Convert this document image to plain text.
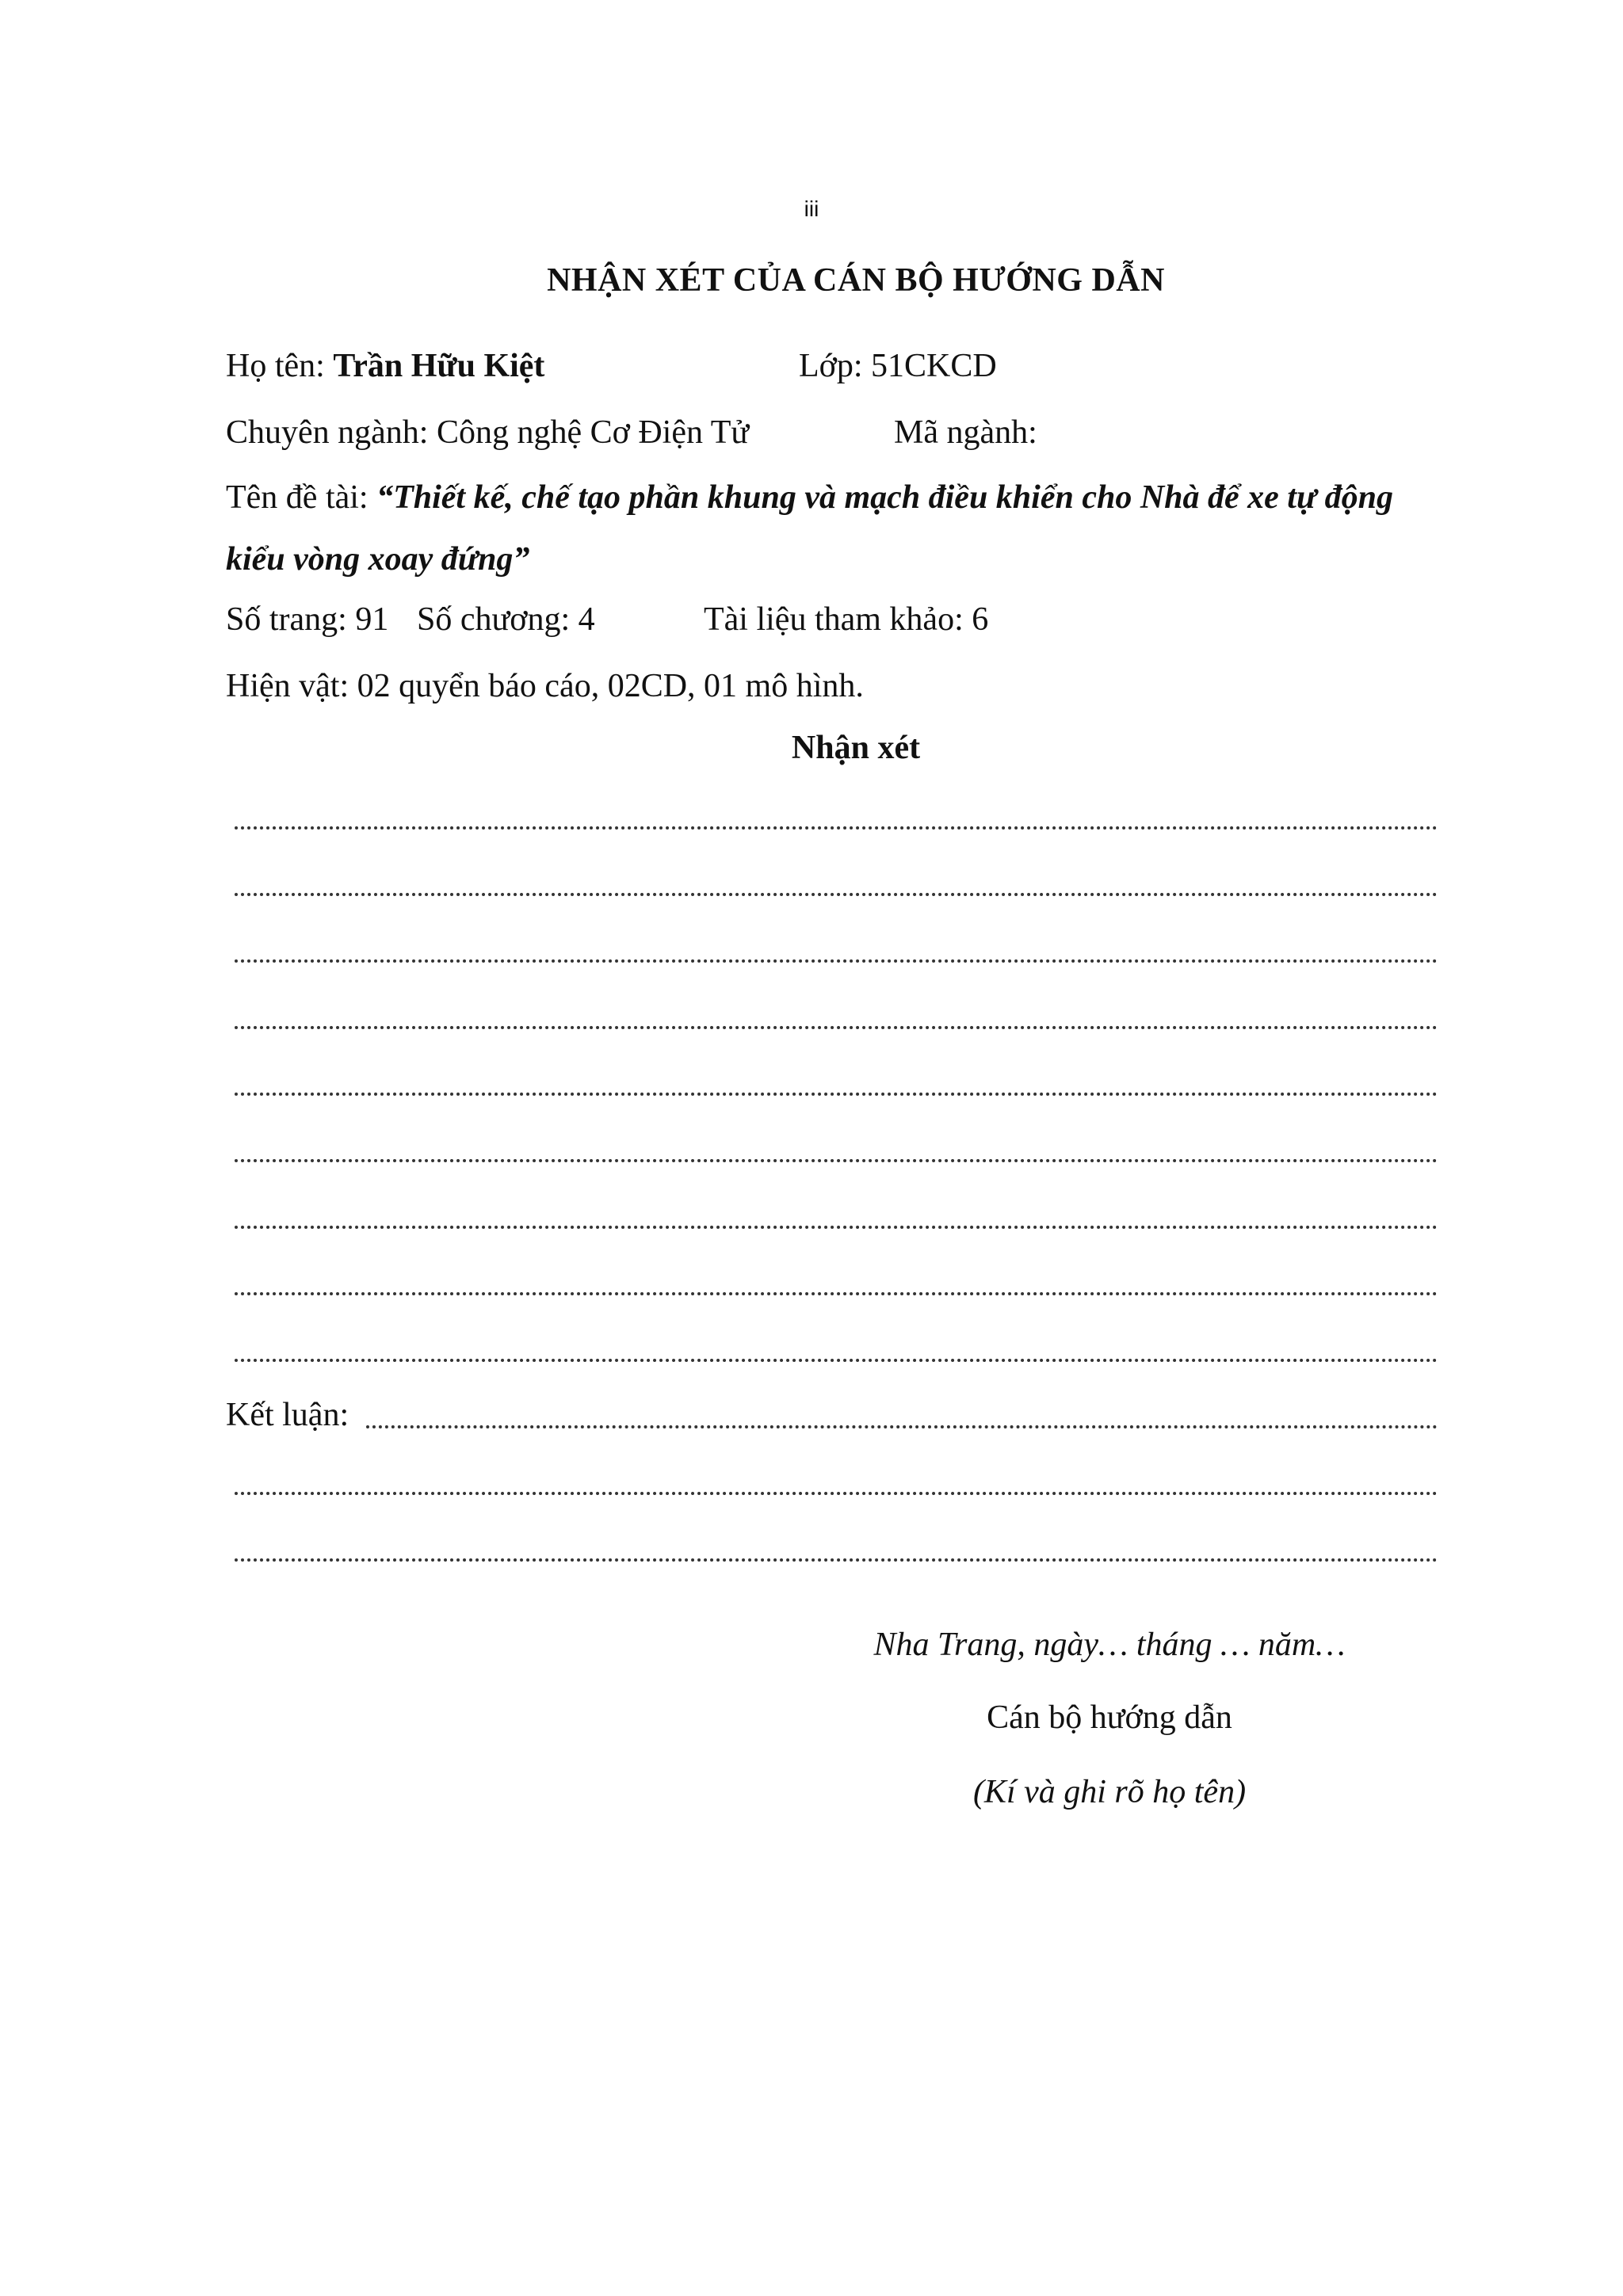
iii
NHẬN XÉT CỦA CÁN BỘ HƯỚNG DẪN
Họ tên: Trần Hữu Kiệt	Lớp: 51CKCD
Chuyên ngành: Công nghệ Cơ Điện Tử	Mã ngành:
Tên đề tài: “Thiết kế, chế tạo phần khung và mạch điều khiển cho Nhà để xe tự động
kiểu vòng xoay đứng”
Số trang: 91 Số chương: 4	Tài liệu tham khảo: 6
Hiện vật: 02 quyển báo cáo, 02CD, 01 mô hình.
Nhận xét
Kết luận:
Nha Trang, ngày… tháng … năm…
Cán bộ hướng dẫn
(Kí và ghi rõ họ tên)
